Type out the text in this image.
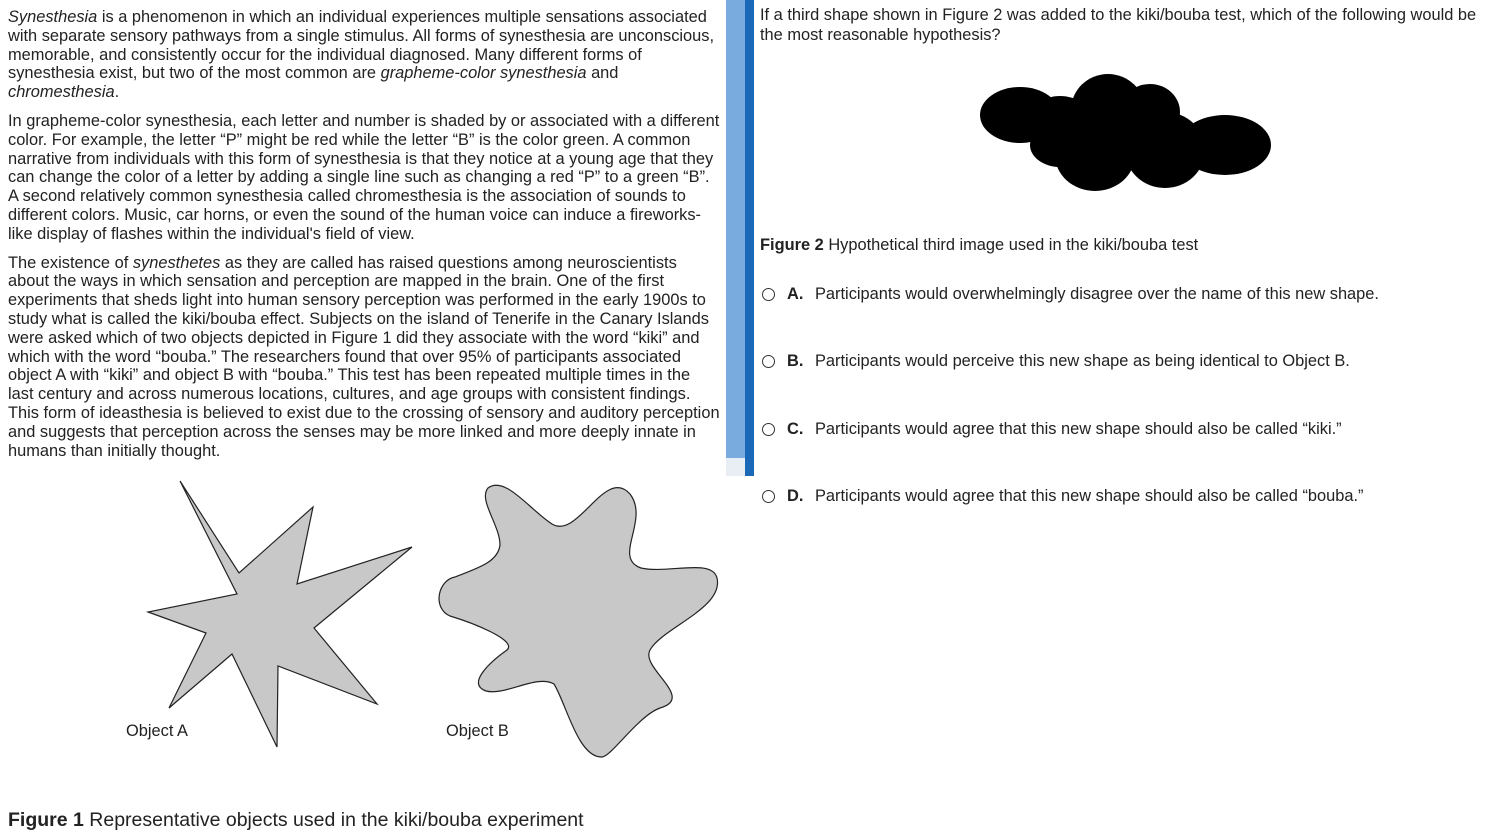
Synesthesia is a phenomenon in which an individual experiences multiple sensations associated with separate sensory pathways from a single stimulus. All forms of synesthesia are unconscious, memorable, and consistently occur for the individual diagnosed. Many different forms of synesthesia exist, but two of the most common are grapheme-color synesthesia and chromesthesia.

In grapheme-color synesthesia, each letter and number is shaded by or associated with a different color. For example, the letter “P” might be red while the letter “B” is the color green. A common narrative from individuals with this form of synesthesia is that they notice at a young age that they can change the color of a letter by adding a single line such as changing a red “P” to a green “B”. A second relatively common synesthesia called chromesthesia is the association of sounds to different colors. Music, car horns, or even the sound of the human voice can induce a fireworks-like display of flashes within the individual's field of view.

The existence of synesthetes as they are called has raised questions among neuroscientists about the ways in which sensation and perception are mapped in the brain. One of the first experiments that sheds light into human sensory perception was performed in the early 1900s to study what is called the kiki/bouba effect. Subjects on the island of Tenerife in the Canary Islands were asked which of two objects depicted in Figure 1 did they associate with the word “kiki” and which with the word “bouba.” The researchers found that over 95% of participants associated object A with “kiki” and object B with “bouba.” This test has been repeated multiple times in the last century and across numerous locations, cultures, and age groups with consistent findings. This form of ideasthesia is believed to exist due to the crossing of sensory and auditory perception and suggests that perception across the senses may be more linked and more deeply innate in humans than initially thought.

Object A	Object B
Figure 1 Representative objects used in the kiki/bouba experiment
If a third shape shown in Figure 2 was added to the kiki/bouba test, which of the following would be the most reasonable hypothesis?
Figure 2 Hypothetical third image used in the kiki/bouba test
A. Participants would overwhelmingly disagree over the name of this new shape.
B. Participants would perceive this new shape as being identical to Object B.
C. Participants would agree that this new shape should also be called “kiki.”
D. Participants would agree that this new shape should also be called “bouba.”
